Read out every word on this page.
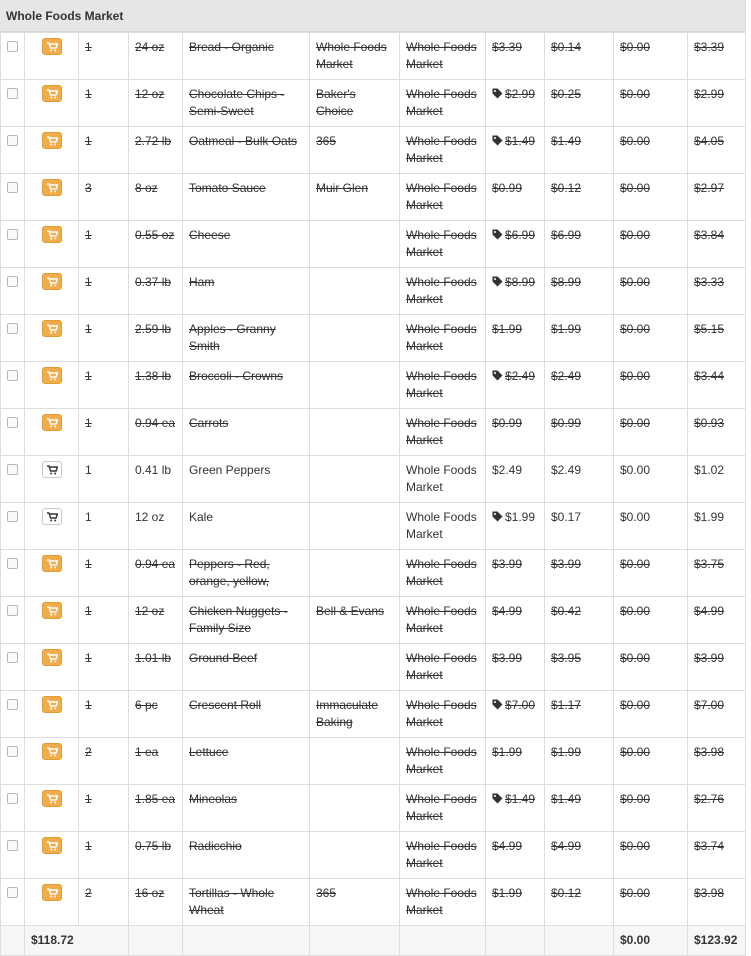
Whole Foods Market

	1	24 oz	Bread - Organic	Whole Foods Market	Whole Foods Market	$3.39	$0.14	$0.00	$3.39

	1	12 oz	Chocolate Chips - Semi-Sweet	Baker's Choice	Whole Foods Market	$2.99	$0.25	$0.00	$2.99

	1	2.72 lb	Oatmeal - Bulk Oats	365	Whole Foods Market	$1.49	$1.49	$0.00	$4.05

	3	8 oz	Tomato Sauce	Muir Glen	Whole Foods Market	$0.99	$0.12	$0.00	$2.97

	1	0.55 oz	Cheese		Whole Foods Market	$6.99	$6.99	$0.00	$3.84

	1	0.37 lb	Ham		Whole Foods Market	$8.99	$8.99	$0.00	$3.33

	1	2.59 lb	Apples - Granny Smith		Whole Foods Market	$1.99	$1.99	$0.00	$5.15

	1	1.38 lb	Broccoli - Crowns		Whole Foods Market	$2.49	$2.49	$0.00	$3.44

	1	0.94 ea	Carrots		Whole Foods Market	$0.99	$0.99	$0.00	$0.93

	1	0.41 lb	Green Peppers		Whole Foods Market	$2.49	$2.49	$0.00	$1.02

	1	12 oz	Kale		Whole Foods Market	$1.99	$0.17	$0.00	$1.99

	1	0.94 ea	Peppers - Red, orange, yellow,		Whole Foods Market	$3.99	$3.99	$0.00	$3.75

	1	12 oz	Chicken Nuggets - Family Size	Bell & Evans	Whole Foods Market	$4.99	$0.42	$0.00	$4.99

	1	1.01 lb	Ground Beef		Whole Foods Market	$3.99	$3.95	$0.00	$3.99

	1	6 pc	Crescent Roll	Immaculate Baking	Whole Foods Market	$7.00	$1.17	$0.00	$7.00

	2	1 ea	Lettuce		Whole Foods Market	$1.99	$1.99	$0.00	$3.98

	1	1.85 ea	Mineolas		Whole Foods Market	$1.49	$1.49	$0.00	$2.76

	1	0.75 lb	Radicchio		Whole Foods Market	$4.99	$4.99	$0.00	$3.74

	2	16 oz	Tortillas - Whole Wheat	365	Whole Foods Market	$1.99	$0.12	$0.00	$3.98
	$118.72								$0.00	$123.92
